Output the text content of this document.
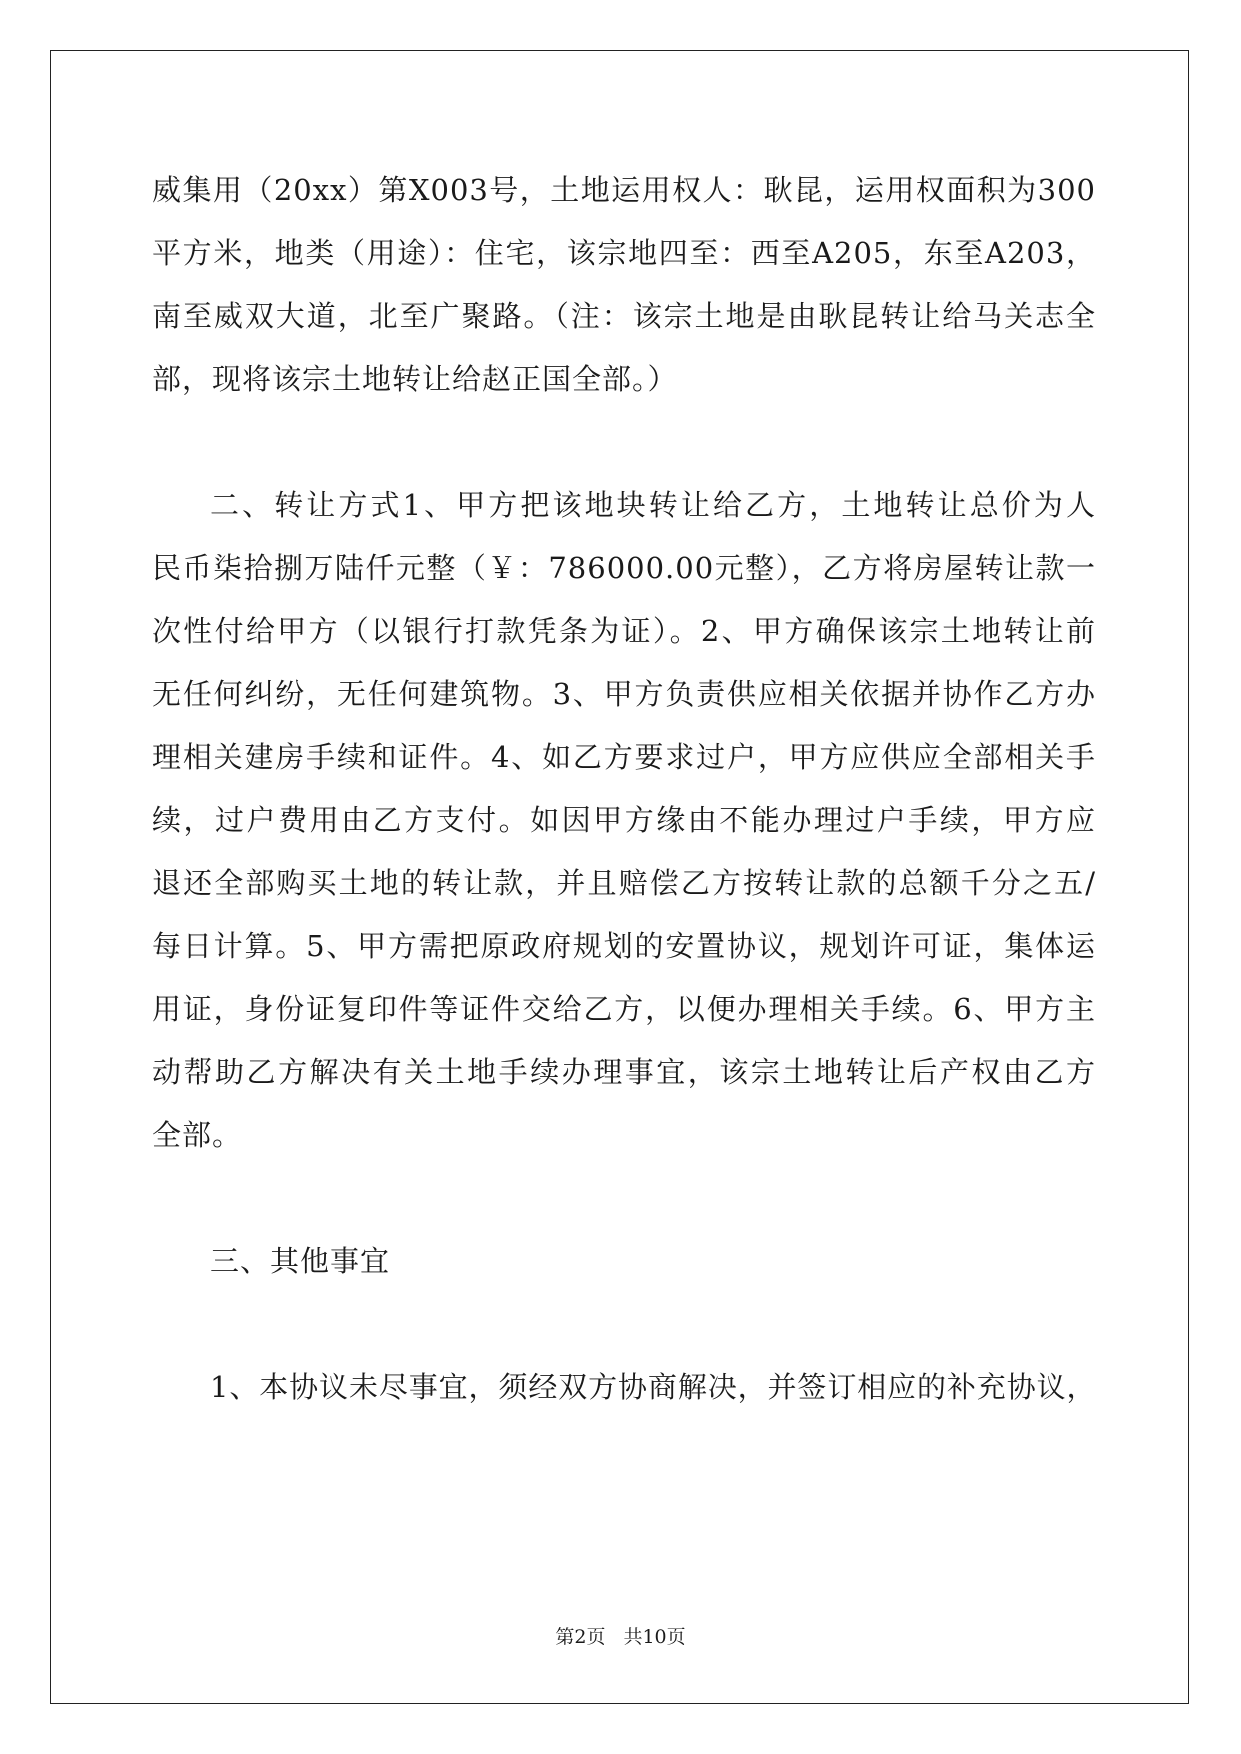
威集用（20xx）第X003号，土地运用权人：耿昆，运用权面积为300
平方米，地类（用途）：住宅，该宗地四至：西至A205，东至A203，
南至威双大道，北至广聚路。（注：该宗土地是由耿昆转让给马关志全
部，现将该宗土地转让给赵正国全部。）
二、转让方式1、甲方把该地块转让给乙方，土地转让总价为人
民币柒拾捌万陆仟元整（￥：786000.00元整），乙方将房屋转让款一
次性付给甲方（以银行打款凭条为证）。2、甲方确保该宗土地转让前
无任何纠纷，无任何建筑物。3、甲方负责供应相关依据并协作乙方办
理相关建房手续和证件。4、如乙方要求过户，甲方应供应全部相关手
续，过户费用由乙方支付。如因甲方缘由不能办理过户手续，甲方应
退还全部购买土地的转让款，并且赔偿乙方按转让款的总额千分之五/
每日计算。5、甲方需把原政府规划的安置协议，规划许可证，集体运
用证，身份证复印件等证件交给乙方，以便办理相关手续。6、甲方主
动帮助乙方解决有关土地手续办理事宜，该宗土地转让后产权由乙方
全部。
三、其他事宜
1、本协议未尽事宜，须经双方协商解决，并签订相应的补充协议，
第2页 共10页
